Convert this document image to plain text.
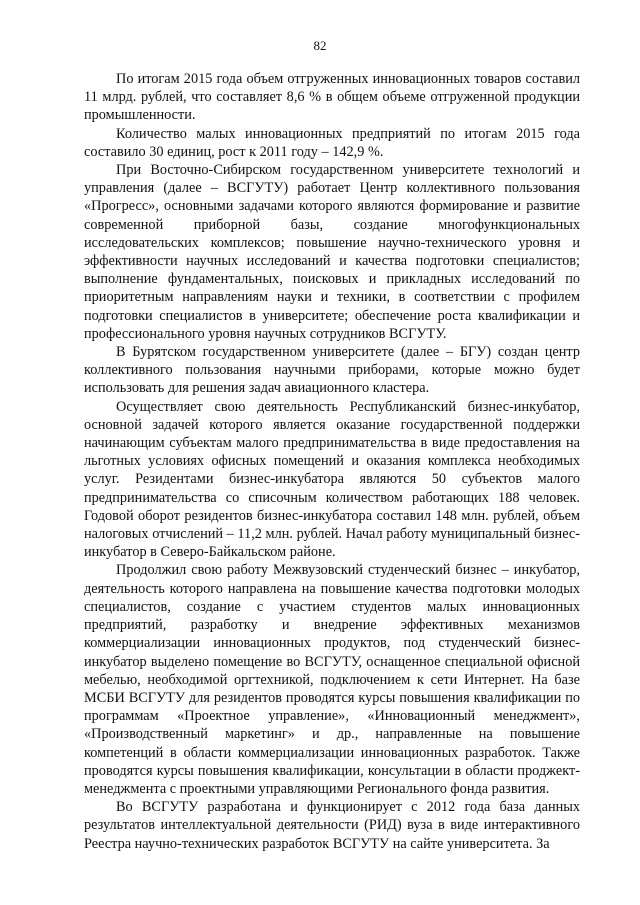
82

По итогам 2015 года объем отгруженных инновационных товаров составил 11 млрд. рублей, что составляет 8,6 % в общем объеме отгруженной продукции промышленности.

Количество малых инновационных предприятий по итогам 2015 года составило 30 единиц, рост к 2011 году – 142,9 %.

При Восточно-Сибирском государственном университете технологий и управления (далее – ВСГУТУ) работает Центр коллективного пользования «Прогресс», основными задачами которого являются формирование и развитие современной приборной базы, создание многофункциональных исследовательских комплексов; повышение научно-технического уровня и эффективности научных исследований и качества подготовки специалистов; выполнение фундаментальных, поисковых и прикладных исследований по приоритетным направлениям науки и техники, в соответствии с профилем подготовки специалистов в университете; обеспечение роста квалификации и профессионального уровня научных сотрудников ВСГУТУ.

В Бурятском государственном университете (далее – БГУ) создан центр коллективного пользования научными приборами, которые можно будет использовать для решения задач авиационного кластера.

Осуществляет свою деятельность Республиканский бизнес-инкубатор, основной задачей которого является оказание государственной поддержки начинающим субъектам малого предпринимательства в виде предоставления на льготных условиях офисных помещений и оказания комплекса необходимых услуг. Резидентами бизнес-инкубатора являются 50 субъектов малого предпринимательства со списочным количеством работающих 188 человек. Годовой оборот резидентов бизнес-инкубатора составил 148 млн. рублей, объем налоговых отчислений – 11,2 млн. рублей. Начал работу муниципальный бизнес-инкубатор в Северо-Байкальском районе.

Продолжил свою работу Межвузовский студенческий бизнес – инкубатор, деятельность которого направлена на повышение качества подготовки молодых специалистов, создание с участием студентов малых инновационных предприятий, разработку и внедрение эффективных механизмов коммерциализации инновационных продуктов, под студенческий бизнес-инкубатор выделено помещение во ВСГУТУ, оснащенное специальной офисной мебелью, необходимой оргтехникой, подключением к сети Интернет. На базе МСБИ ВСГУТУ для резидентов проводятся курсы повышения квалификации по программам «Проектное управление», «Инновационный менеджмент», «Производственный маркетинг» и др., направленные на повышение компетенций в области коммерциализации инновационных разработок. Также проводятся курсы повышения квалификации, консультации в области проджект-менеджмента с проектными управляющими Регионального фонда развития.

Во ВСГУТУ разработана и функционирует с 2012 года база данных результатов интеллектуальной деятельности (РИД) вуза в виде интерактивного Реестра научно-технических разработок ВСГУТУ на сайте университета. За
